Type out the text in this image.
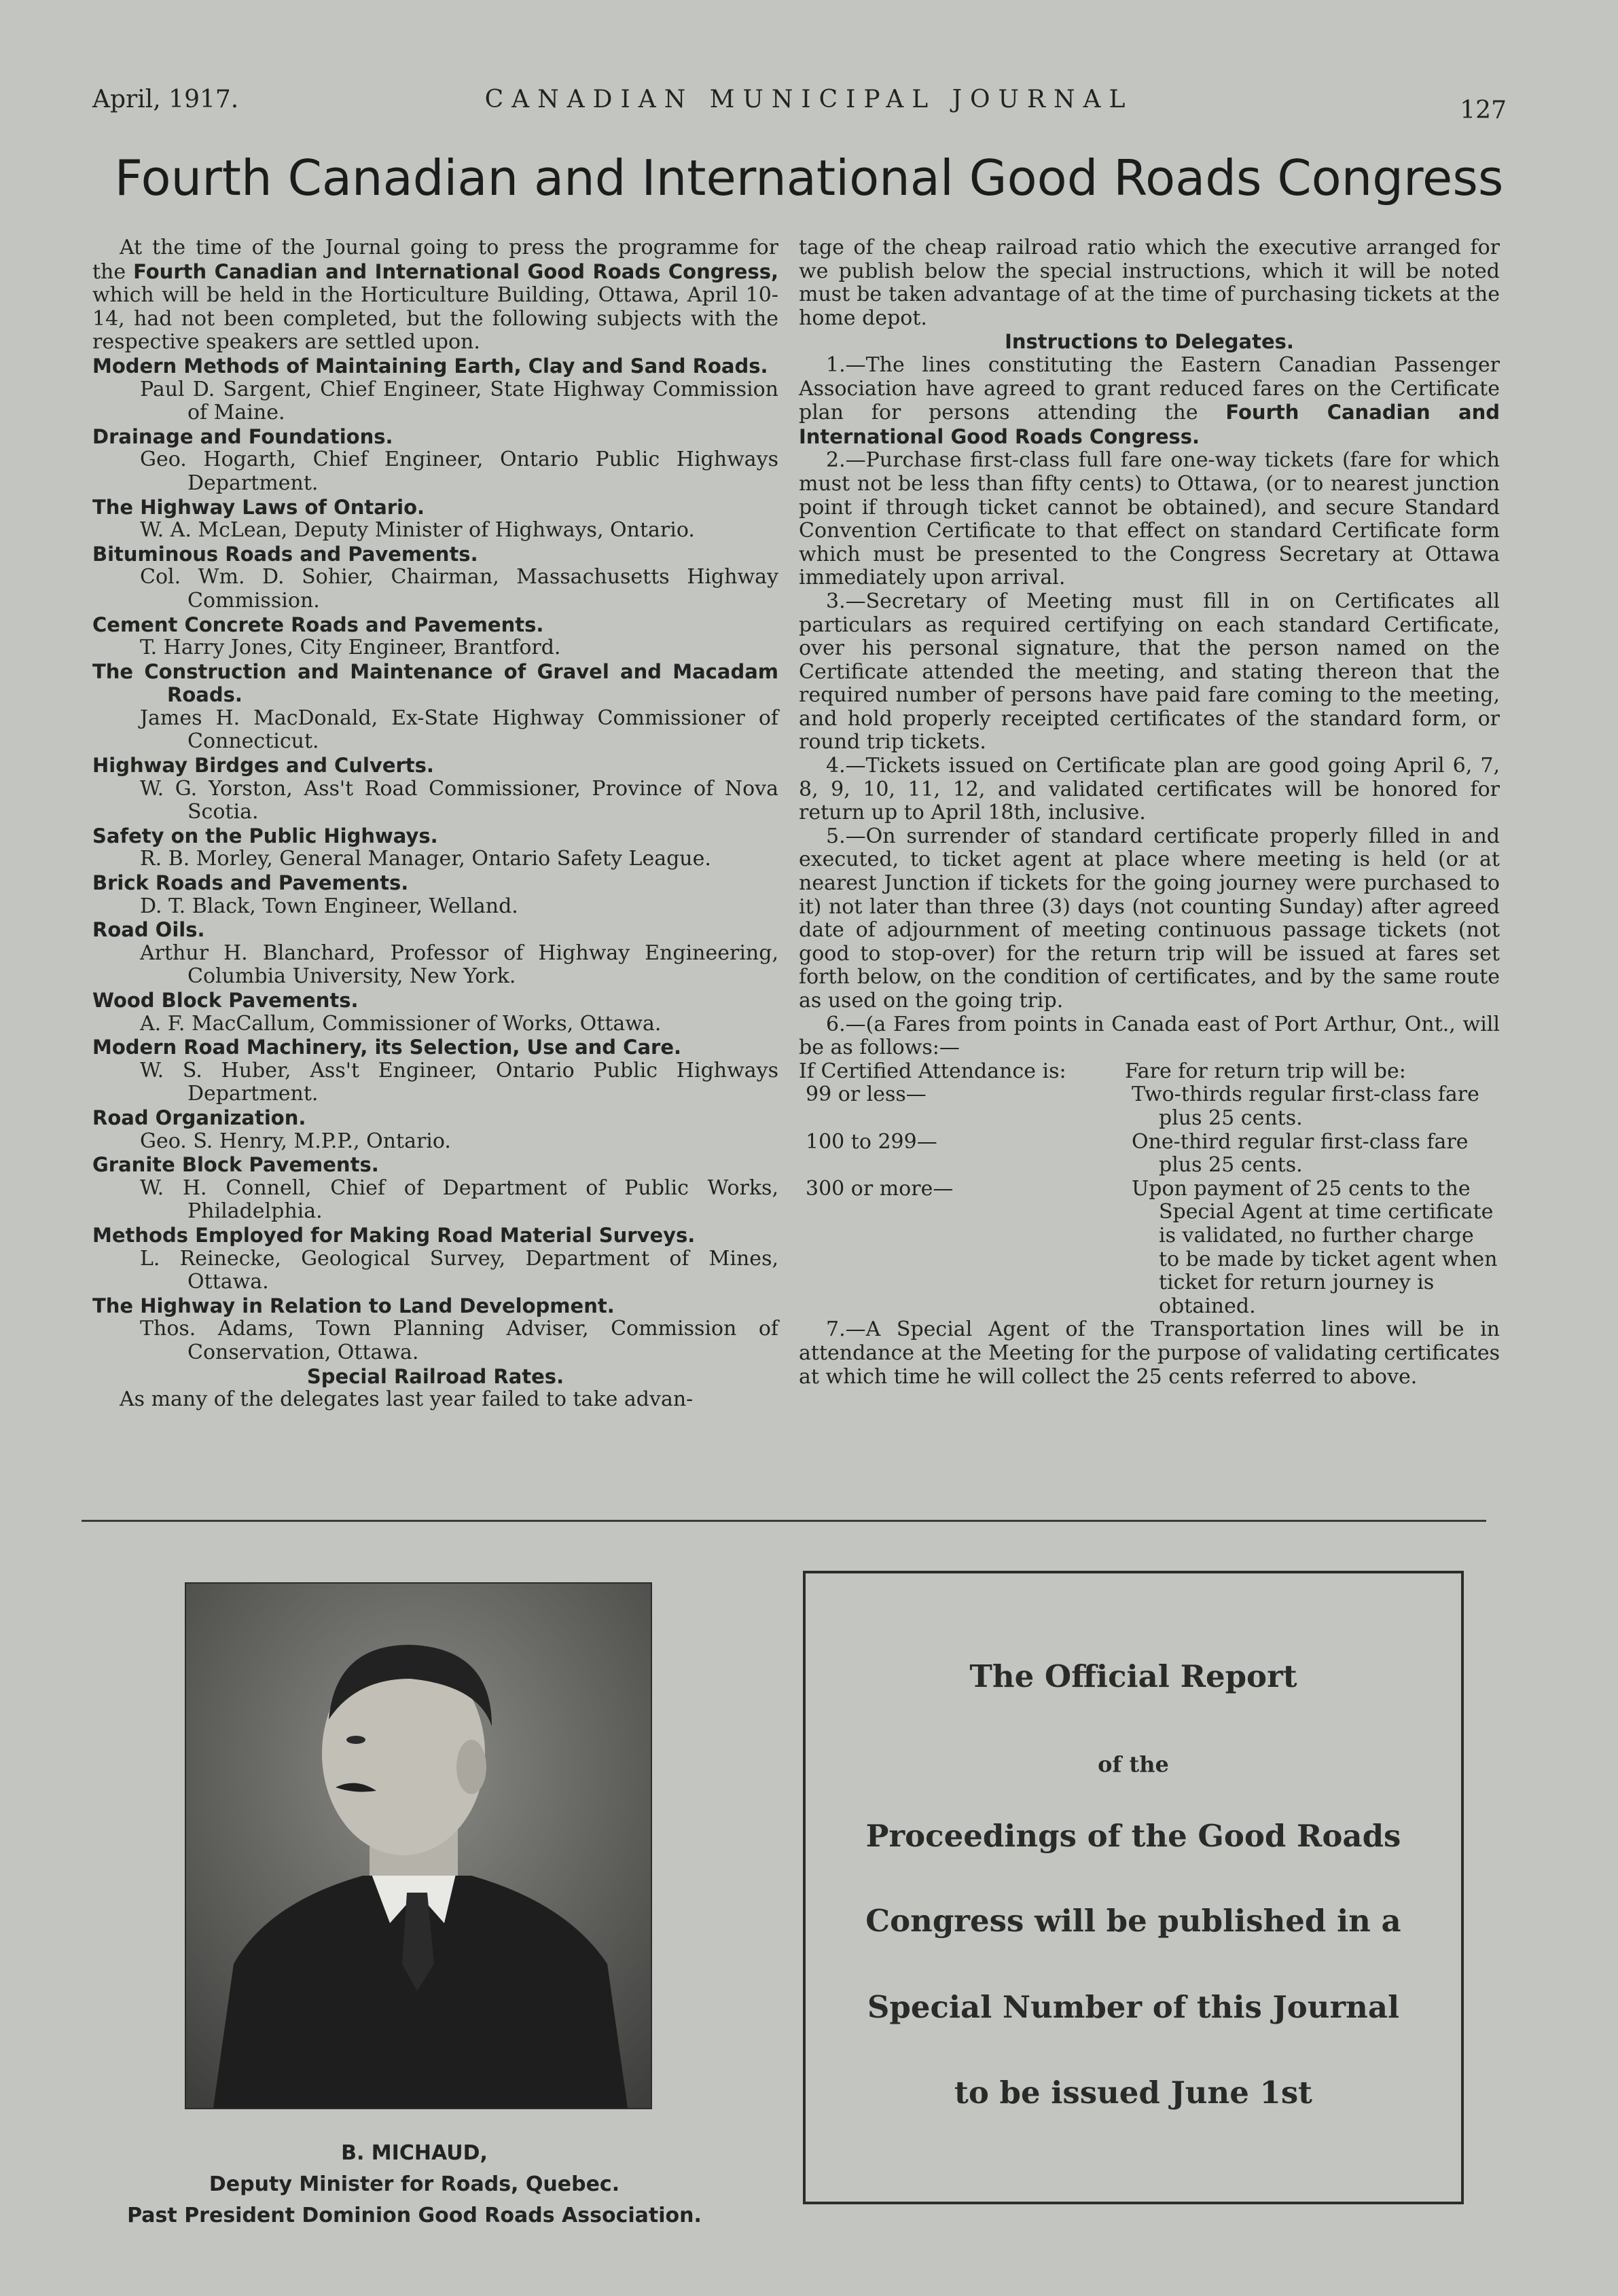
April, 1917.	CANADIAN MUNICIPAL JOURNAL	127
Fourth Canadian and International Good Roads Congress

At the time of the Journal going to press the programme for the Fourth Canadian and International Good Roads Congress, which will be held in the Horticulture Building, Ottawa, April 10-14, had not been completed, but the following subjects with the respective speakers are settled upon.

Modern Methods of Maintaining Earth, Clay and Sand Roads.

Paul D. Sargent, Chief Engineer, State Highway Commission of Maine.

Drainage and Foundations.

Geo. Hogarth, Chief Engineer, Ontario Public Highways Department.

The Highway Laws of Ontario.

W. A. McLean, Deputy Minister of Highways, Ontario.

Bituminous Roads and Pavements.

Col. Wm. D. Sohier, Chairman, Massachusetts Highway Commission.

Cement Concrete Roads and Pavements.

T. Harry Jones, City Engineer, Brantford.

The Construction and Maintenance of Gravel and Macadam Roads.

James H. MacDonald, Ex-State Highway Commissioner of Connecticut.

Highway Birdges and Culverts.

W. G. Yorston, Ass't Road Commissioner, Province of Nova Scotia.

Safety on the Public Highways.

R. B. Morley, General Manager, Ontario Safety League.

Brick Roads and Pavements.

D. T. Black, Town Engineer, Welland.

Road Oils.

Arthur H. Blanchard, Professor of Highway Engineering, Columbia University, New York.

Wood Block Pavements.

A. F. MacCallum, Commissioner of Works, Ottawa.

Modern Road Machinery, its Selection, Use and Care.

W. S. Huber, Ass't Engineer, Ontario Public Highways Department.

Road Organization.

Geo. S. Henry, M.P.P., Ontario.

Granite Block Pavements.

W. H. Connell, Chief of Department of Public Works, Philadelphia.

Methods Employed for Making Road Material Surveys.

L. Reinecke, Geological Survey, Department of Mines, Ottawa.

The Highway in Relation to Land Development.

Thos. Adams, Town Planning Adviser, Commission of Conservation, Ottawa.

Special Railroad Rates.

As many of the delegates last year failed to take advan-

tage of the cheap railroad ratio which the executive arranged for we publish below the special instructions, which it will be noted must be taken advantage of at the time of purchasing tickets at the home depot.

Instructions to Delegates.

1.—The lines constituting the Eastern Canadian Passenger Association have agreed to grant reduced fares on the Certificate plan for persons attending the Fourth Canadian and International Good Roads Congress.

2.—Purchase first-class full fare one-way tickets (fare for which must not be less than fifty cents) to Ottawa, (or to nearest junction point if through ticket cannot be obtained), and secure Standard Convention Certificate to that effect on standard Certificate form which must be presented to the Congress Secretary at Ottawa immediately upon arrival.

3.—Secretary of Meeting must fill in on Certificates all particulars as required certifying on each standard Certificate, over his personal signature, that the person named on the Certificate attended the meeting, and stating thereon that the required number of persons have paid fare coming to the meeting, and hold properly receipted certificates of the standard form, or round trip tickets.

4.—Tickets issued on Certificate plan are good going April 6, 7, 8, 9, 10, 11, 12, and validated certificates will be honored for return up to April 18th, inclusive.

5.—On surrender of standard certificate properly filled in and executed, to ticket agent at place where meeting is held (or at nearest Junction if tickets for the going journey were purchased to it) not later than three (3) days (not counting Sunday) after agreed date of adjournment of meeting continuous passage tickets (not good to stop-over) for the return trip will be issued at fares set forth below, on the condition of certificates, and by the same route as used on the going trip.

6.—(a Fares from points in Canada east of Port Arthur, Ont., will be as follows:—

If Certified Attendance is:	Fare for return trip will be:
99 or less—	Two-thirds regular first-class fare plus 25 cents.
100 to 299—	One-third regular first-class fare plus 25 cents.
300 or more—	Upon payment of 25 cents to the Special Agent at time certificate is validated, no further charge to be made by ticket agent when ticket for return journey is obtained.

7.—A Special Agent of the Transportation lines will be in attendance at the Meeting for the purpose of validating certificates at which time he will collect the 25 cents referred to above.

B. MICHAUD,
Deputy Minister for Roads, Quebec.
Past President Dominion Good Roads Association.
The Official Report
of the
Proceedings of the Good Roads
Congress will be published in a
Special Number of this Journal
to be issued June 1st
